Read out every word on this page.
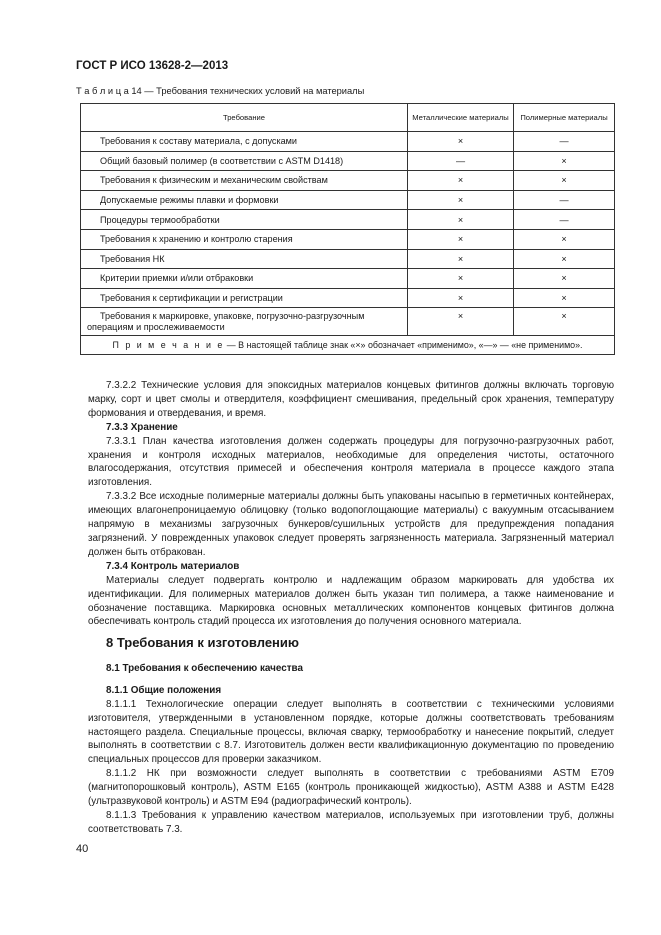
ГОСТ Р ИСО 13628-2—2013
Т а б л и ц а 14 — Требования технических условий на материалы
Требование	Металлические материалы	Полимерные материалы
Требования к составу материала, с допусками	×	—
Общий базовый полимер (в соответствии с ASTM D1418)	—	×
Требования к физическим и механическим свойствам	×	×
Допускаемые режимы плавки и формовки	×	—
Процедуры термообработки	×	—
Требования к хранению и контролю старения	×	×
Требования НК	×	×
Критерии приемки и/или отбраковки	×	×
Требования к сертификации и регистрации	×	×
Требования к маркировке, упаковке, погрузочно-разгрузочным операциям и прослеживаемости	×	×
П р и м е ч а н и е — В настоящей таблице знак «×» обозначает «применимо», «—» — «не применимо».		

7.3.2.2 Технические условия для эпоксидных материалов концевых фитингов должны включать торговую марку, сорт и цвет смолы и отвердителя, коэффициент смешивания, предельный срок хранения, температуру формования и отвердевания, и время.

7.3.3 Хранение

7.3.3.1 План качества изготовления должен содержать процедуры для погрузочно-разгрузочных работ, хранения и контроля исходных материалов, необходимые для определения чистоты, остаточного влагосодержания, отсутствия примесей и обеспечения контроля материала в процессе каждого этапа изготовления.

7.3.3.2 Все исходные полимерные материалы должны быть упакованы насыпью в герметичных контейнерах, имеющих влагонепроницаемую облицовку (только водопоглощающие материалы) с вакуумным отсасыванием напрямую в механизмы загрузочных бункеров/сушильных устройств для предупреждения попадания загрязнений. У поврежденных упаковок следует проверять загрязненность материала. Загрязненный материал должен быть отбракован.

7.3.4 Контроль материалов

Материалы следует подвергать контролю и надлежащим образом маркировать для удобства их идентификации. Для полимерных материалов должен быть указан тип полимера, а также наименование и обозначение поставщика. Маркировка основных металлических компонентов концевых фитингов должна обеспечивать контроль стадий процесса их изготовления до получения основного материала.

8 Требования к изготовлению

8.1 Требования к обеспечению качества

8.1.1 Общие положения

8.1.1.1 Технологические операции следует выполнять в соответствии с техническими условиями изготовителя, утвержденными в установленном порядке, которые должны соответствовать требованиям настоящего раздела. Специальные процессы, включая сварку, термообработку и нанесение покрытий, следует выполнять в соответствии с 8.7. Изготовитель должен вести квалификационную документацию по проведению специальных процессов для проверки заказчиком.

8.1.1.2 НК при возможности следует выполнять в соответствии с требованиями ASTM E709 (магнитопорошковый контроль), ASTM E165 (контроль проникающей жидкостью), ASTM A388 и ASTM E428 (ультразвуковой контроль) и ASTM E94 (радиографический контроль).

8.1.1.3 Требования к управлению качеством материалов, используемых при изготовлении труб, должны соответствовать 7.3.

40
